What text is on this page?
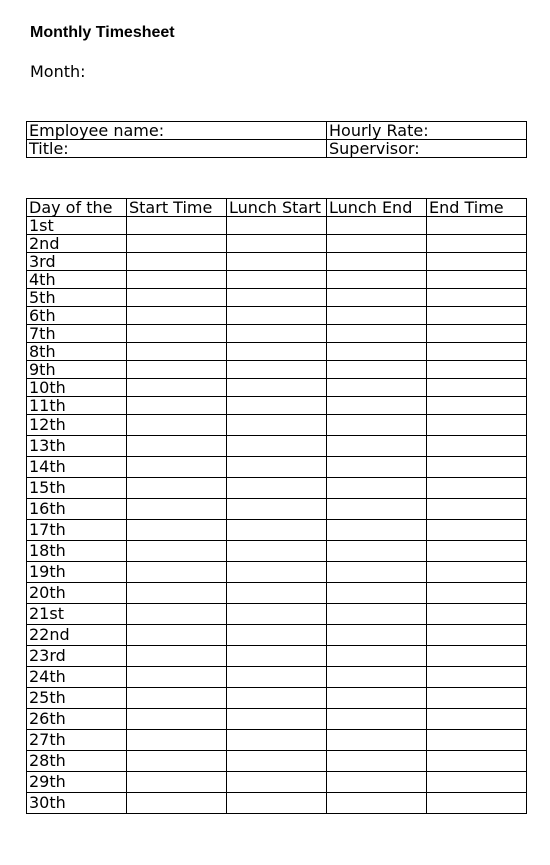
Monthly Timesheet
Month:
Employee name:	Hourly Rate:
Title:	Supervisor:
Day of the	Start Time	Lunch Start	Lunch End	End Time
1st				
2nd				
3rd				
4th				
5th				
6th				
7th				
8th				
9th				
10th				
11th				
12th				
13th				
14th				
15th				
16th				
17th				
18th				
19th				
20th				
21st				
22nd				
23rd				
24th				
25th				
26th				
27th				
28th				
29th				
30th				
